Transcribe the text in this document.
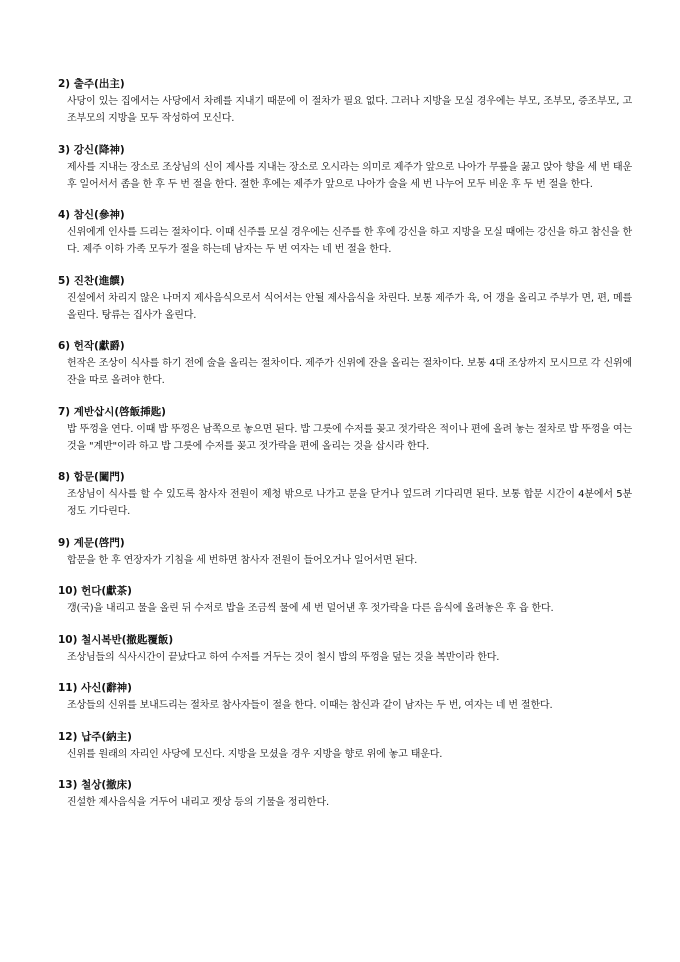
2) 출주(出主)
사당이 있는 집에서는 사당에서 차례를 지내기 때문에 이 절차가 필요 없다. 그러나 지방을 모실 경우에는 부모, 조부모, 증조부모, 고조부모의 지방을 모두 작성하여 모신다.
3) 강신(降神)
제사를 지내는 장소로 조상님의 신이 제사를 지내는 장소로 오시라는 의미로 제주가 앞으로 나아가 무릎을 꿇고 앉아 향을 세 번 태운 후 일어서서 좀을 한 후 두 번 절을 한다. 절한 후에는 제주가 앞으로 나아가 술을 세 번 나누어 모두 비운 후 두 번 절을 한다.
4) 참신(參神)
신위에게 인사를 드리는 절차이다. 이때 신주를 모실 경우에는 신주를 한 후에 강신을 하고 지방을 모실 때에는 강신을 하고 참신을 한다. 제주 이하 가족 모두가 절을 하는데 남자는 두 번 여자는 네 번 절을 한다.
5) 진찬(進饌)
진설에서 차리지 않은 나머지 제사음식으로서 식어서는 안될 제사음식을 차린다. 보통 제주가 육, 어 갱을 올리고 주부가 면, 편, 메를 올린다. 탕류는 집사가 올린다.
6) 헌작(獻爵)
헌작은 조상이 식사를 하기 전에 술을 올리는 절차이다. 제주가 신위에 잔을 올리는 절차이다. 보통 4대 조상까지 모시므로 각 신위에 잔을 따로 올려야 한다.
7) 계반삽시(啓飯揷匙)
밥 뚜껑을 연다. 이때 밥 뚜껑은 남쪽으로 놓으면 된다. 밥 그릇에 수저를 꽂고 젓가락은 적이나 편에 올려 놓는 절차로 밥 뚜껑을 여는 것을 "계반"이라 하고 밥 그릇에 수저를 꽂고 젓가락을 편에 올리는 것을 삽시라 한다.
8) 합문(闔門)
조상님이 식사를 할 수 있도록 참사자 전원이 제청 밖으로 나가고 문을 닫거나 엎드려 기다리면 된다. 보통 합문 시간이 4분에서 5분 정도 기다린다.
9) 계문(啓門)
합문을 한 후 연장자가 기침을 세 번하면 참사자 전원이 들어오거나 일어서면 된다.
10) 헌다(獻茶)
갱(국)을 내리고 물을 올린 뒤 수저로 밥을 조금씩 물에 세 번 덜어낸 후 젓가락을 다른 음식에 올려놓은 후 읍 한다.
10) 철시복반(撤匙覆飯)
조상님들의 식사시간이 끝났다고 하여 수저를 거두는 것이 철시 밥의 뚜껑을 덮는 것을 복반이라 한다.
11) 사신(辭神)
조상들의 신위를 보내드리는 절차로 참사자들이 절을 한다. 이때는 참신과 같이 남자는 두 번, 여자는 네 번 절한다.
12) 납주(納主)
신위를 원래의 자리인 사당에 모신다. 지방을 모셨을 경우 지방을 향로 위에 놓고 태운다.
13) 철상(撤床)
진설한 제사음식을 거두어 내리고 젯상 등의 기물을 정리한다.
